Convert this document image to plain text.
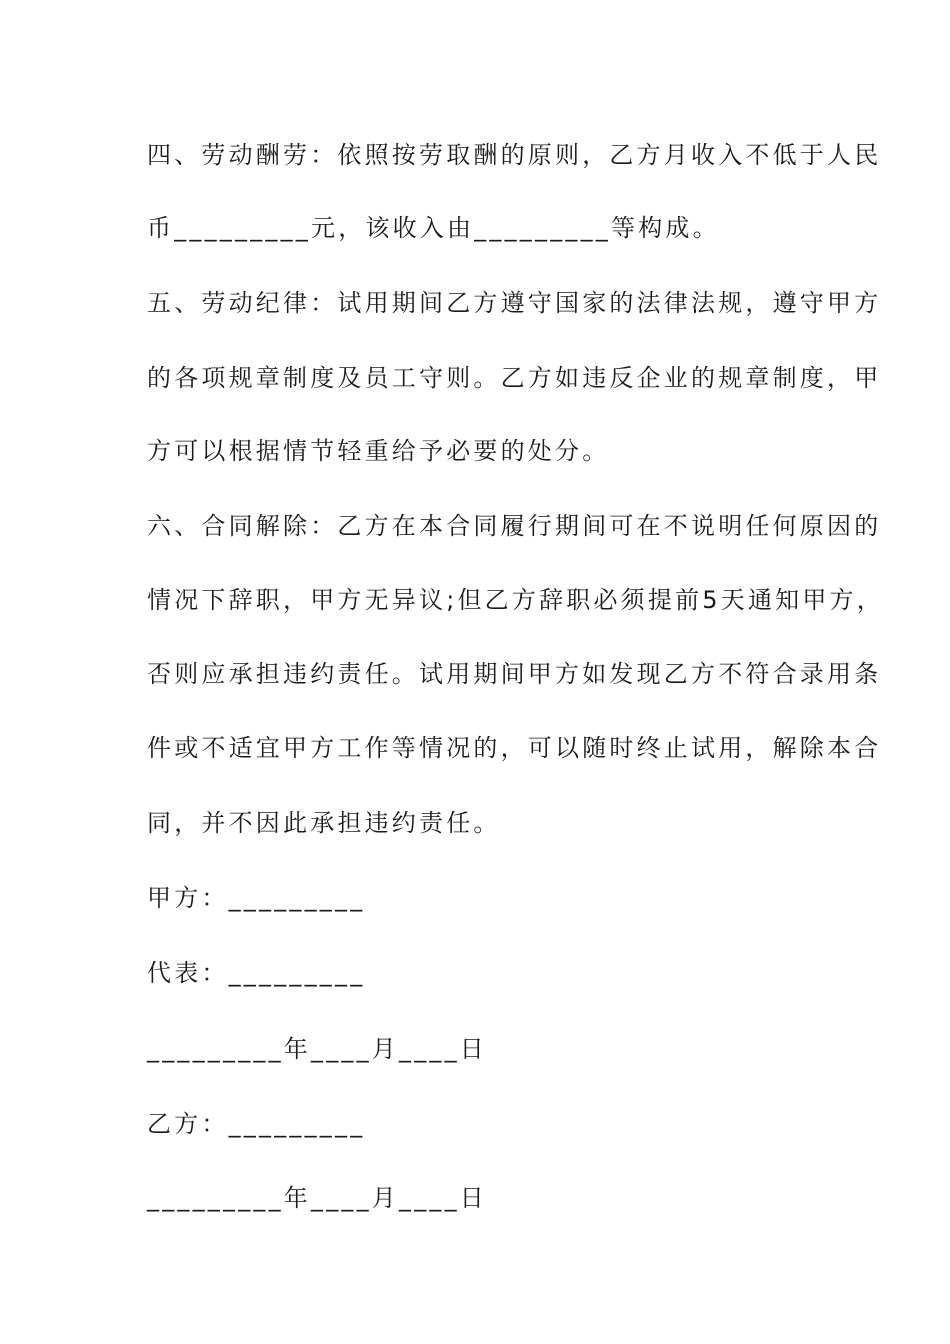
四、劳动酬劳：依照按劳取酬的原则，乙方月收入不低于人民
币_________元，该收入由_________等构成。
五、劳动纪律：试用期间乙方遵守国家的法律法规，遵守甲方
的各项规章制度及员工守则。乙方如违反企业的规章制度，甲
方可以根据情节轻重给予必要的处分。
六、合同解除：乙方在本合同履行期间可在不说明任何原因的
情况下辞职，甲方无异议;但乙方辞职必须提前5天通知甲方，
否则应承担违约责任。试用期间甲方如发现乙方不符合录用条
件或不适宜甲方工作等情况的，可以随时终止试用，解除本合
同，并不因此承担违约责任。
甲方：_________
代表：_________
_________年____月____日
乙方：_________
_________年____月____日
